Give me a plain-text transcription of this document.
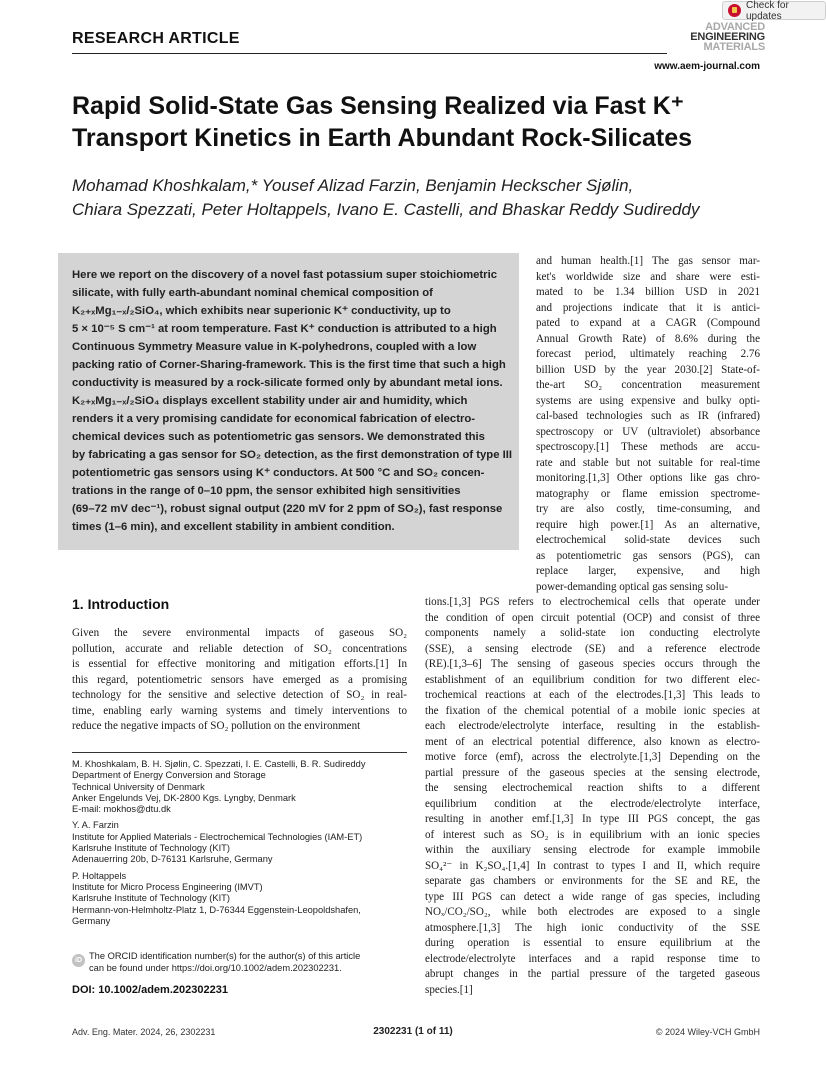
Check for updates
RESEARCH ARTICLE
ADVANCED
ENGINEERING
MATERIALS
www.aem-journal.com
Rapid Solid-State Gas Sensing Realized via Fast K⁺ Transport Kinetics in Earth Abundant Rock-Silicates
Mohamad Khoshkalam,* Yousef Alizad Farzin, Benjamin Heckscher Sjølin,
Chiara Spezzati, Peter Holtappels, Ivano E. Castelli, and Bhaskar Reddy Sudireddy
Here we report on the discovery of a novel fast potassium super stoichiometric
silicate, with fully earth-abundant nominal chemical composition of
K₂₊ₓMg₁₋ₓ/₂SiO₄, which exhibits near superionic K⁺ conductivity, up to
5 × 10⁻⁵ S cm⁻¹ at room temperature. Fast K⁺ conduction is attributed to a high
Continuous Symmetry Measure value in K-polyhedrons, coupled with a low
packing ratio of Corner-Sharing-framework. This is the first time that such a high
conductivity is measured by a rock-silicate formed only by abundant metal ions.
K₂₊ₓMg₁₋ₓ/₂SiO₄ displays excellent stability under air and humidity, which
renders it a very promising candidate for economical fabrication of electro-
chemical devices such as potentiometric gas sensors. We demonstrated this
by fabricating a gas sensor for SO₂ detection, as the first demonstration of type III
potentiometric gas sensors using K⁺ conductors. At 500 °C and SO₂ concen-
trations in the range of 0–10 ppm, the sensor exhibited high sensitivities
(69–72 mV dec⁻¹), robust signal output (220 mV for 2 ppm of SO₂), fast response
times (1–6 min), and excellent stability in ambient condition.
and human health.[1] The gas sensor mar-
ket's worldwide size and share were esti-
mated to be 1.34 billion USD in 2021
and projections indicate that it is antici-
pated to expand at a CAGR (Compound
Annual Growth Rate) of 8.6% during the
forecast period, ultimately reaching 2.76
billion USD by the year 2030.[2] State-of-
the-art SO₂ concentration measurement
systems are using expensive and bulky opti-
cal-based technologies such as IR (infrared)
spectroscopy or UV (ultraviolet) absorbance
spectroscopy.[1] These methods are accu-
rate and stable but not suitable for real-time
monitoring.[1,3] Other options like gas chro-
matography or flame emission spectrome-
try are also costly, time-consuming, and
require high power.[1] As an alternative,
electrochemical solid-state devices such
as potentiometric gas sensors (PGS), can
replace larger, expensive, and high
power-demanding optical gas sensing solu-
1. Introduction
Given the severe environmental impacts of gaseous SO₂
pollution, accurate and reliable detection of SO₂ concentrations
is essential for effective monitoring and mitigation efforts.[1] In
this regard, potentiometric sensors have emerged as a promising
technology for the sensitive and selective detection of SO₂ in real-
time, enabling early warning systems and timely interventions to
reduce the negative impacts of SO₂ pollution on the environment
tions.[1,3] PGS refers to electrochemical cells that operate under
the condition of open circuit potential (OCP) and consist of three
components namely a solid-state ion conducting electrolyte
(SSE), a sensing electrode (SE) and a reference electrode
(RE).[1,3–6] The sensing of gaseous species occurs through the
establishment of an equilibrium condition for two different elec-
trochemical reactions at each of the electrodes.[1,3] This leads to
the fixation of the chemical potential of a mobile ionic species at
each electrode/electrolyte interface, resulting in the establish-
ment of an electrical potential difference, also known as electro-
motive force (emf), across the electrolyte.[1,3] Depending on the
partial pressure of the gaseous species at the sensing electrode,
the sensing electrochemical reaction shifts to a different
equilibrium condition at the electrode/electrolyte interface,
resulting in another emf.[1,3] In type III PGS concept, the gas
of interest such as SO₂ is in equilibrium with an ionic species
within the auxiliary sensing electrode for example immobile
SO₄²⁻ in K₂SO₄.[1,4] In contrast to types I and II, which require
separate gas chambers or environments for the SE and RE, the
type III PGS can detect a wide range of gas species, including
NOₓ/CO₂/SO₂, while both electrodes are exposed to a single
atmosphere.[1,3] The high ionic conductivity of the SSE
during operation is essential to ensure equilibrium at the
electrode/electrolyte interfaces and a rapid response time to
abrupt changes in the partial pressure of the targeted gaseous
species.[1]
M. Khoshkalam, B. H. Sjølin, C. Spezzati, I. E. Castelli, B. R. Sudireddy
Department of Energy Conversion and Storage
Technical University of Denmark
Anker Engelunds Vej, DK-2800 Kgs. Lyngby, Denmark
E-mail: mokhos@dtu.dk
Y. A. Farzin
Institute for Applied Materials - Electrochemical Technologies (IAM-ET)
Karlsruhe Institute of Technology (KIT)
Adenauerring 20b, D-76131 Karlsruhe, Germany
P. Holtappels
Institute for Micro Process Engineering (IMVT)
Karlsruhe Institute of Technology (KIT)
Hermann-von-Helmholtz-Platz 1, D-76344 Eggenstein-Leopoldshafen,
Germany
iD The ORCID identification number(s) for the author(s) of this article
can be found under https://doi.org/10.1002/adem.202302231.
DOI: 10.1002/adem.202302231
Adv. Eng. Mater. 2024, 26, 2302231	2302231 (1 of 11)	© 2024 Wiley-VCH GmbH
